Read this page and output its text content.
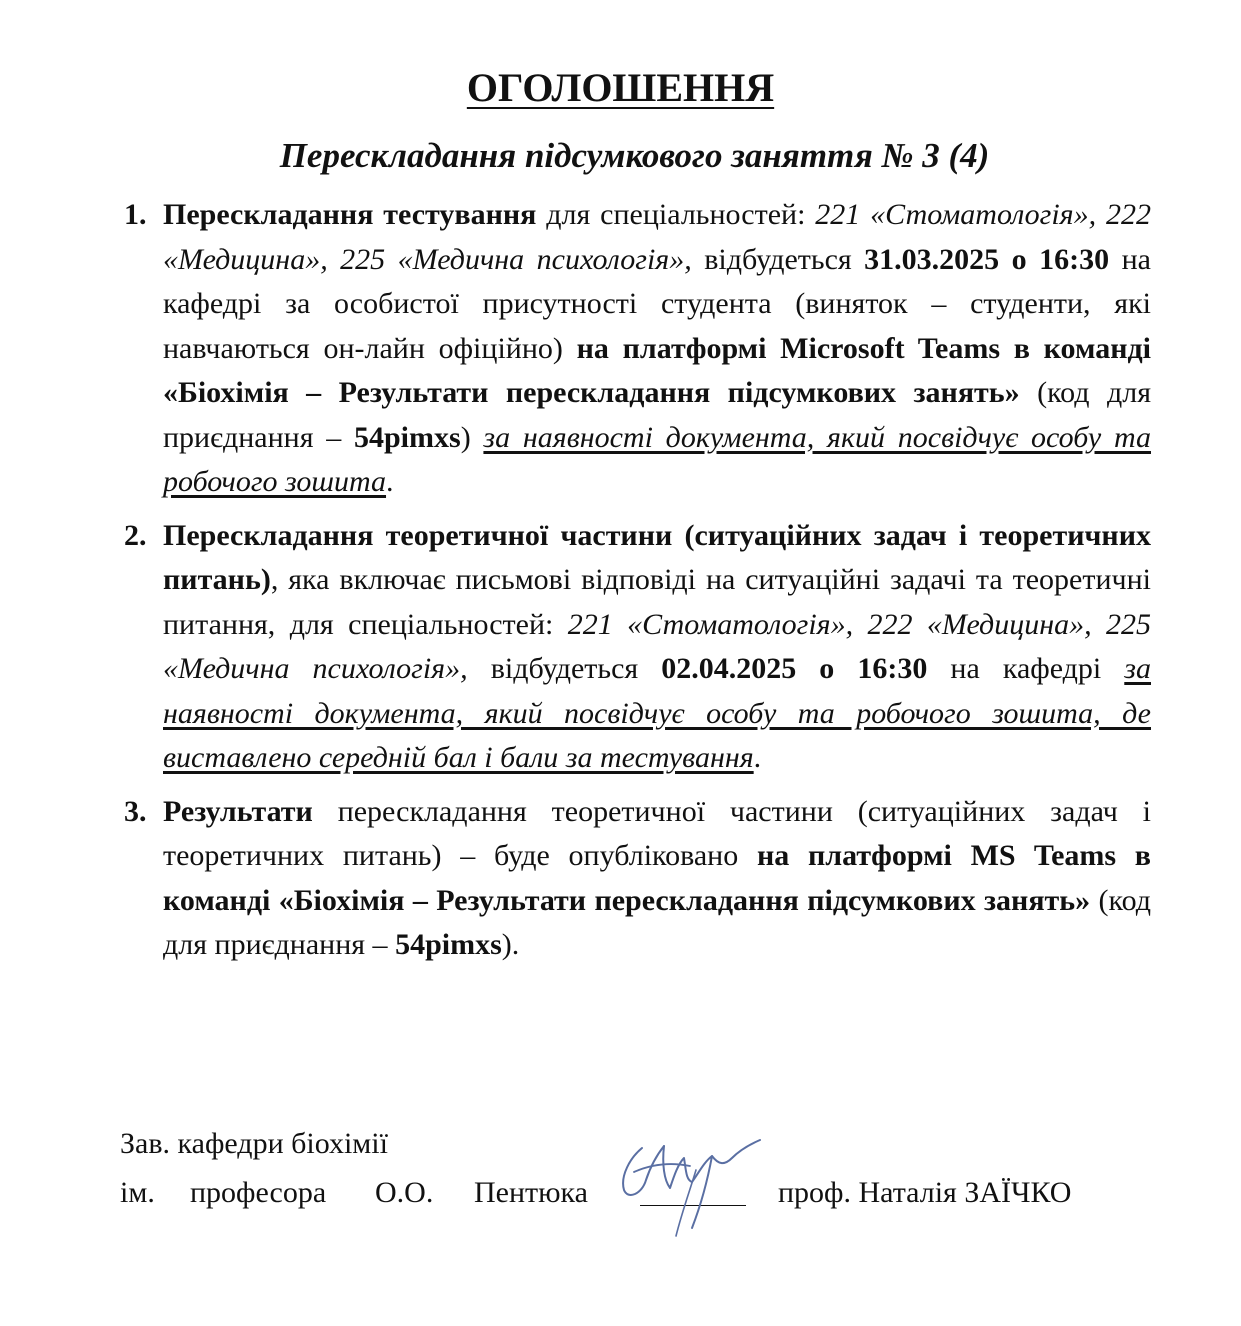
ОГОЛОШЕННЯ
Перескладання підсумкового заняття № 3 (4)
1. Перескладання тестування для спеціальностей: 221 «Стоматологія», 222 «Медицина», 225 «Медична психологія», відбудеться 31.03.2025 о 16:30 на кафедрі за особистої присутності студента (виняток – студенти, які навчаються он-лайн офіційно) на платформі Microsoft Teams в команді «Біохімія – Результати перескладання підсумкових занять» (код для приєднання – 54pimxs) за наявності документа, який посвідчує особу та робочого зошита.
2. Перескладання теоретичної частини (ситуаційних задач і теоретичних питань), яка включає письмові відповіді на ситуаційні задачі та теоретичні питання, для спеціальностей: 221 «Стоматологія», 222 «Медицина», 225 «Медична психологія», відбудеться 02.04.2025 о 16:30 на кафедрі за наявності документа, який посвідчує особу та робочого зошита, де виставлено середній бал і бали за тестування.
3. Результати перескладання теоретичної частини (ситуаційних задач і теоретичних питань) – буде опубліковано на платформі MS Teams в команді «Біохімія – Результати перескладання підсумкових занять» (код для приєднання – 54pimxs).

Зав. кафедри біохімії

ім. професора О.О. Пентюка	проф. Наталія ЗАЇЧКО
